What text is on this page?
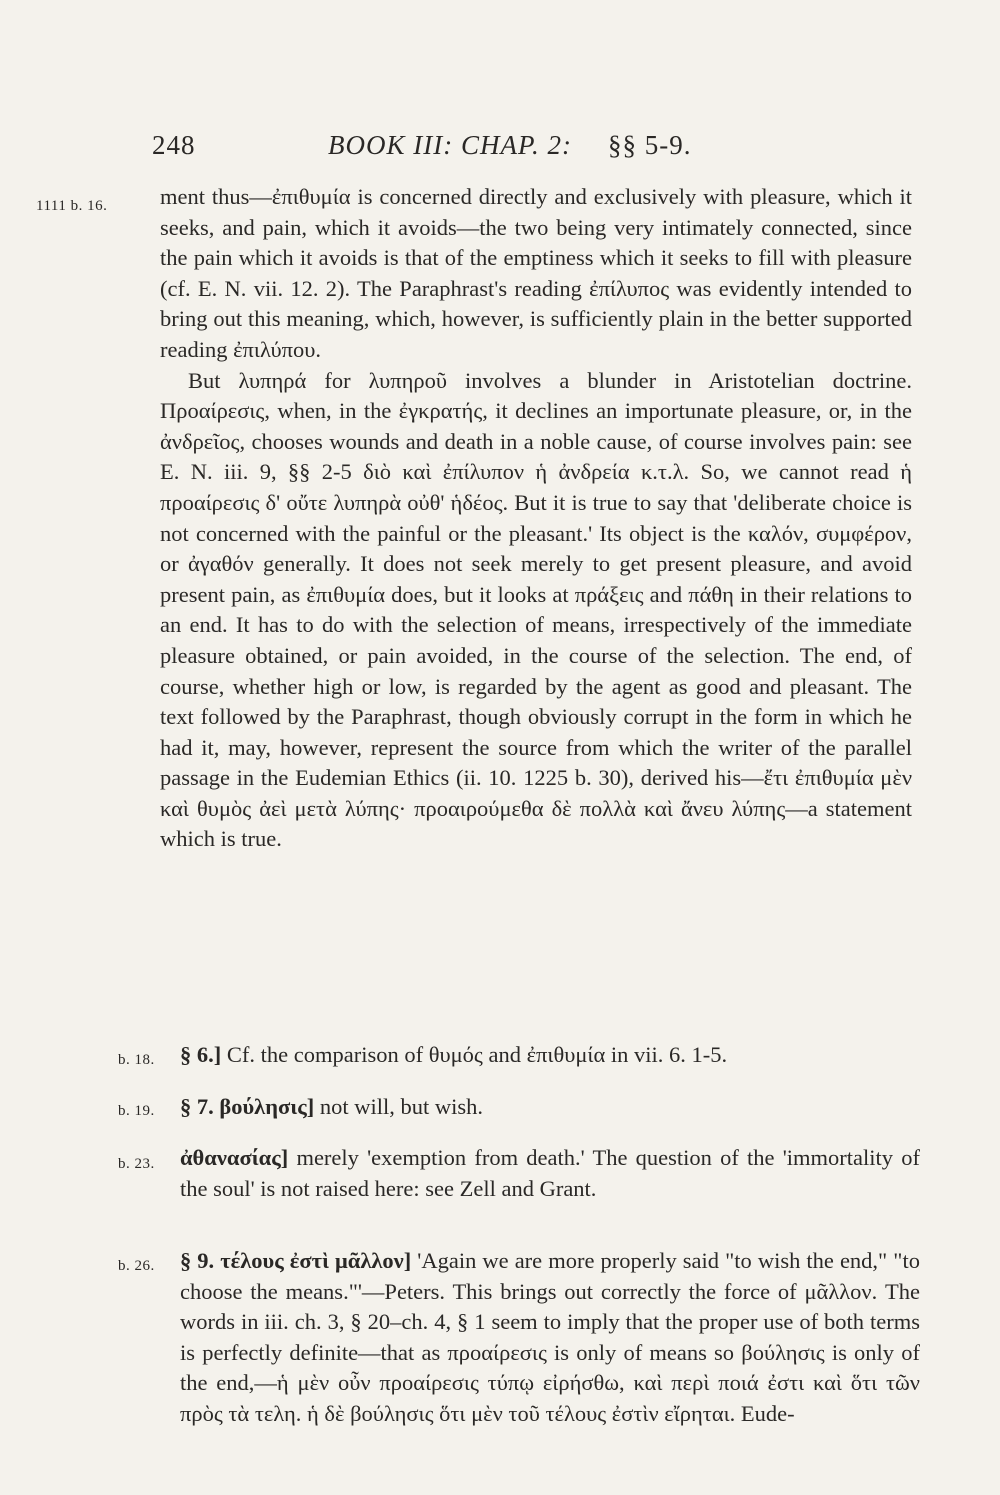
248	BOOK III: CHAP. 2: §§ 5-9.
1111 b. 16. ment thus—ἐπιθυμία is concerned directly and exclusively with pleasure, which it seeks, and pain, which it avoids—the two being very intimately connected, since the pain which it avoids is that of the emptiness which it seeks to fill with pleasure (cf. E. N. vii. 12. 2). The Paraphrast's reading ἐπίλυπος was evidently intended to bring out this meaning, which, however, is sufficiently plain in the better supported reading ἐπιλύπου.

But λυπηρά for λυπηροῦ involves a blunder in Aristotelian doctrine. Προαίρεσις, when, in the ἐγκρατής, it declines an importunate pleasure, or, in the ἀνδρεῖος, chooses wounds and death in a noble cause, of course involves pain: see E. N. iii. 9, §§ 2-5 διὸ καὶ ἐπίλυπον ἡ ἀνδρεία κ.τ.λ. So, we cannot read ἡ προαίρεσις δ' οὔτε λυπηρὰ οὐθ' ἡδέος. But it is true to say that 'deliberate choice is not concerned with the painful or the pleasant.' Its object is the καλόν, συμφέρον, or ἀγαθόν generally. It does not seek merely to get present pleasure, and avoid present pain, as ἐπιθυμία does, but it looks at πράξεις and πάθη in their relations to an end. It has to do with the selection of means, irrespectively of the immediate pleasure obtained, or pain avoided, in the course of the selection. The end, of course, whether high or low, is regarded by the agent as good and pleasant. The text followed by the Paraphrast, though obviously corrupt in the form in which he had it, may, however, represent the source from which the writer of the parallel passage in the Eudemian Ethics (ii. 10. 1225 b. 30), derived his—ἔτι ἐπιθυμία μὲν καὶ θυμὸς ἀεὶ μετὰ λύπης· προαιρούμεθα δὲ πολλὰ καὶ ἄνευ λύπης—a statement which is true.

b. 18. § 6.] Cf. the comparison of θυμός and ἐπιθυμία in vii. 6. 1-5.
b. 19. § 7. βούλησις] not will, but wish.
b. 23. ἀθανασίας] merely 'exemption from death.' The question of the 'immortality of the soul' is not raised here: see Zell and Grant.
b. 26. § 9. τέλους ἐστὶ μᾶλλον] 'Again we are more properly said "to wish the end," "to choose the means."'—Peters. This brings out correctly the force of μᾶλλον. The words in iii. ch. 3, § 20–ch. 4, § 1 seem to imply that the proper use of both terms is perfectly definite—that as προαίρεσις is only of means so βούλησις is only of the end,—ἡ μὲν οὖν προαίρεσις τύπῳ εἰρήσθω, καὶ περὶ ποιά ἐστι καὶ ὅτι τῶν πρὸς τὰ τελη. ἡ δὲ βούλησις ὅτι μὲν τοῦ τέλους ἐστὶν εἴρηται. Eude-
